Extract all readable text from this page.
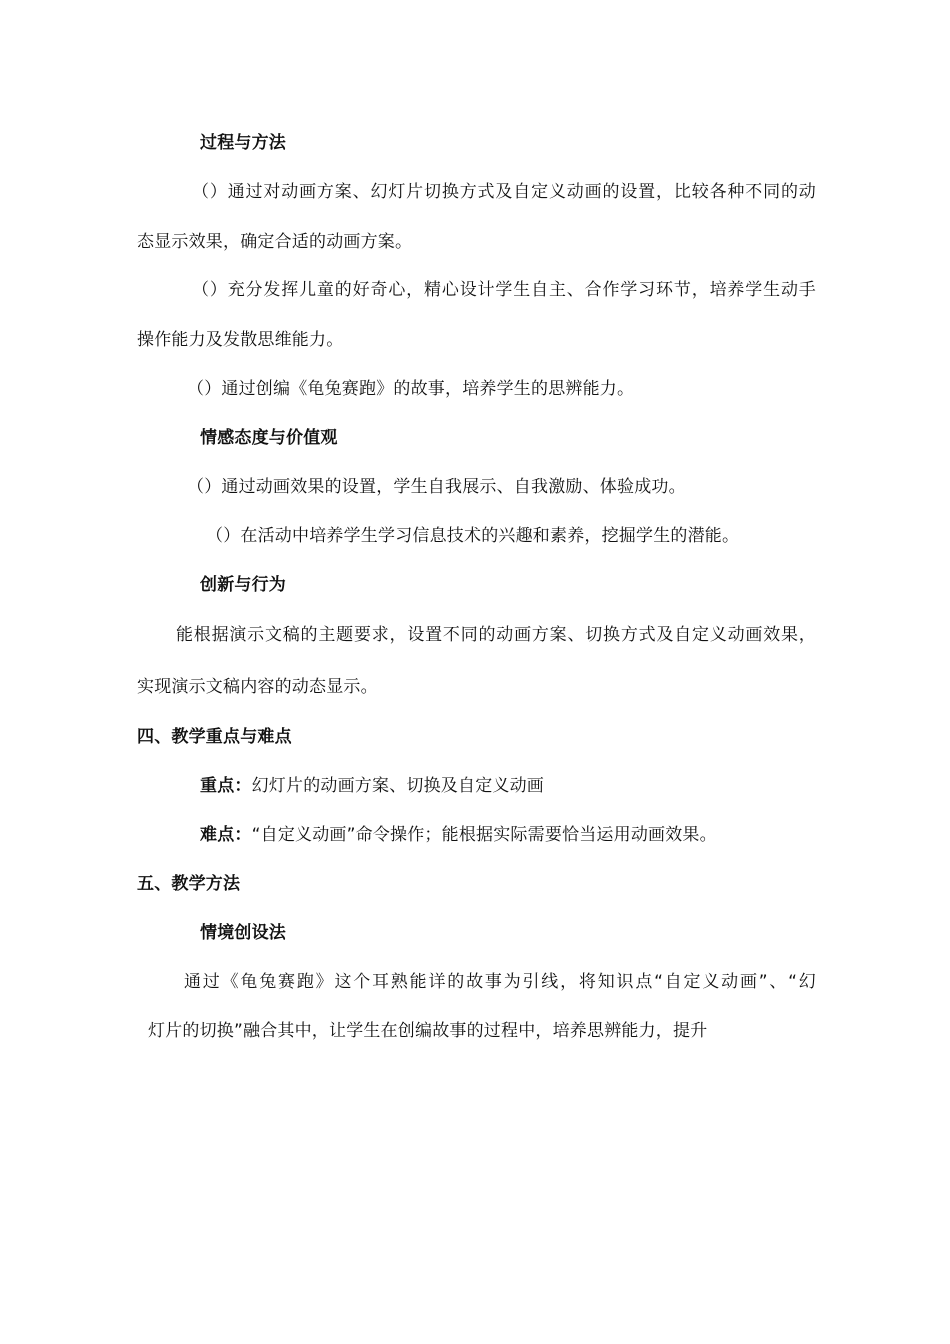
过程与方法
（）通过对动画方案、幻灯片切换方式及自定义动画的设置，比较各种不同的动
态显示效果，确定合适的动画方案。
（）充分发挥儿童的好奇心，精心设计学生自主、合作学习环节，培养学生动手
操作能力及发散思维能力。
（）通过创编《龟兔赛跑》的故事，培养学生的思辨能力。
情感态度与价值观
（）通过动画效果的设置，学生自我展示、自我激励、体验成功。
（）在活动中培养学生学习信息技术的兴趣和素养，挖掘学生的潜能。
创新与行为
能根据演示文稿的主题要求，设置不同的动画方案、切换方式及自定义动画效果，
实现演示文稿内容的动态显示。
四、教学重点与难点
重点：幻灯片的动画方案、切换及自定义动画
难点：“自定义动画”命令操作；能根据实际需要恰当运用动画效果。
五、教学方法
情境创设法
通过《龟兔赛跑》这个耳熟能详的故事为引线，将知识点“自定义动画”、“幻
灯片的切换”融合其中，让学生在创编故事的过程中，培养思辨能力，提升
